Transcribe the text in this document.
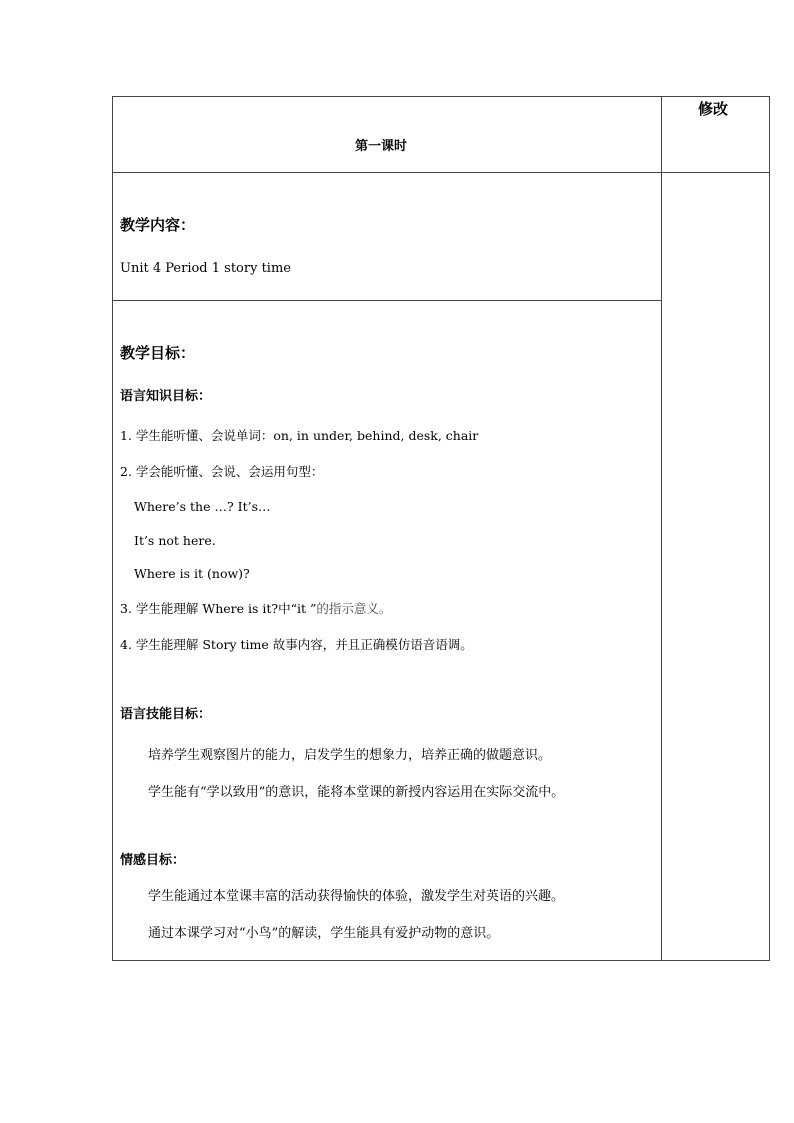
修改
第一课时
教学内容：
Unit 4 Period 1 story time
教学目标：
语言知识目标：
1. 学生能听懂、会说单词：on, in under, behind, desk, chair
2. 学会能听懂、会说、会运用句型：
Where’s the …? It’s…
It’s not here.
Where is it (now)?
3. 学生能理解 Where is it?中“it ”的指示意义。
4. 学生能理解 Story time 故事内容，并且正确模仿语音语调。
语言技能目标：
培养学生观察图片的能力，启发学生的想象力，培养正确的做题意识。
学生能有“学以致用”的意识，能将本堂课的新授内容运用在实际交流中。
情感目标：
学生能通过本堂课丰富的活动获得愉快的体验，激发学生对英语的兴趣。
通过本课学习对“小鸟”的解读，学生能具有爱护动物的意识。
